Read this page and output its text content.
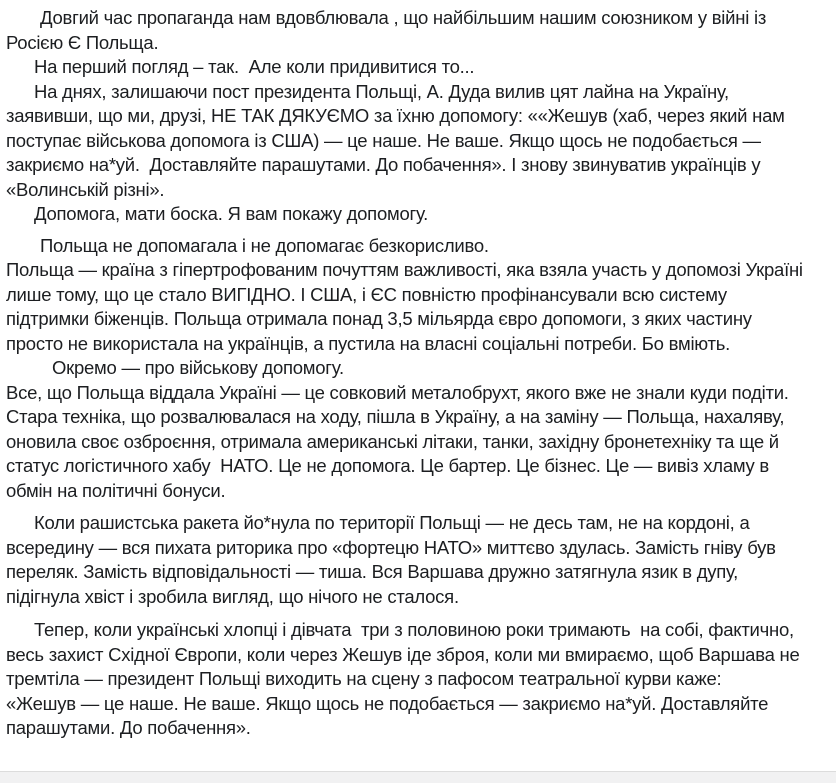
Довгий час пропаганда нам вдовблювала , що найбільшим нашим союзником у війні із Росією Є Польща.

На перший погляд – так.  Але коли придивитися то...

На днях, залишаючи пост президента Польщі, А. Дуда вилив цят лайна на Україну, заявивши, що ми, друзі, НЕ ТАК ДЯКУЄМО за їхню допомогу: ««Жешув (хаб, через який нам поступає військова допомога із США) — це наше. Не ваше. Якщо щось не подобається — закриємо на*уй.  Доставляйте парашутами. До побачення». І знову звинуватив українців у «Волинській різні».

Допомога, мати боска. Я вам покажу допомогу.

Польща не допомагала і не допомагає безкорисливо.

Польща — країна з гіпертрофованим почуттям важливості, яка взяла участь у допомозі Україні лише тому, що це стало ВИГІДНО. І США, і ЄС повністю профінансували всю систему підтримки біженців. Польща отримала понад 3,5 мільярда євро допомоги, з яких частину просто не використала на українців, а пустила на власні соціальні потреби. Бо вміють.

Окремо — про військову допомогу.

Все, що Польща віддала Україні — це совковий металобрухт, якого вже не знали куди подіти. Стара техніка, що розвалювалася на ходу, пішла в Україну, а на заміну — Польща, нахаляву, оновила своє озброєння, отримала американські літаки, танки, західну бронетехніку та ще й статус логістичного хабу  НАТО. Це не допомога. Це бартер. Це бізнес. Це — вивіз хламу в обмін на політичні бонуси.

Коли рашистська ракета йо*нула по території Польщі — не десь там, не на кордоні, а всередину — вся пихата риторика про «фортецю НАТО» миттєво здулась. Замість гніву був переляк. Замість відповідальності — тиша. Вся Варшава дружно затягнула язик в дупу, підігнула хвіст і зробила вигляд, що нічого не сталося.

Тепер, коли українські хлопці і дівчата  три з половиною роки тримають  на собі, фактично, весь захист Східної Європи, коли через Жешув іде зброя, коли ми вмираємо, щоб Варшава не тремтіла — президент Польщі виходить на сцену з пафосом театральної курви каже:

«Жешув — це наше. Не ваше. Якщо щось не подобається — закриємо на*уй. Доставляйте парашутами. До побачення».
